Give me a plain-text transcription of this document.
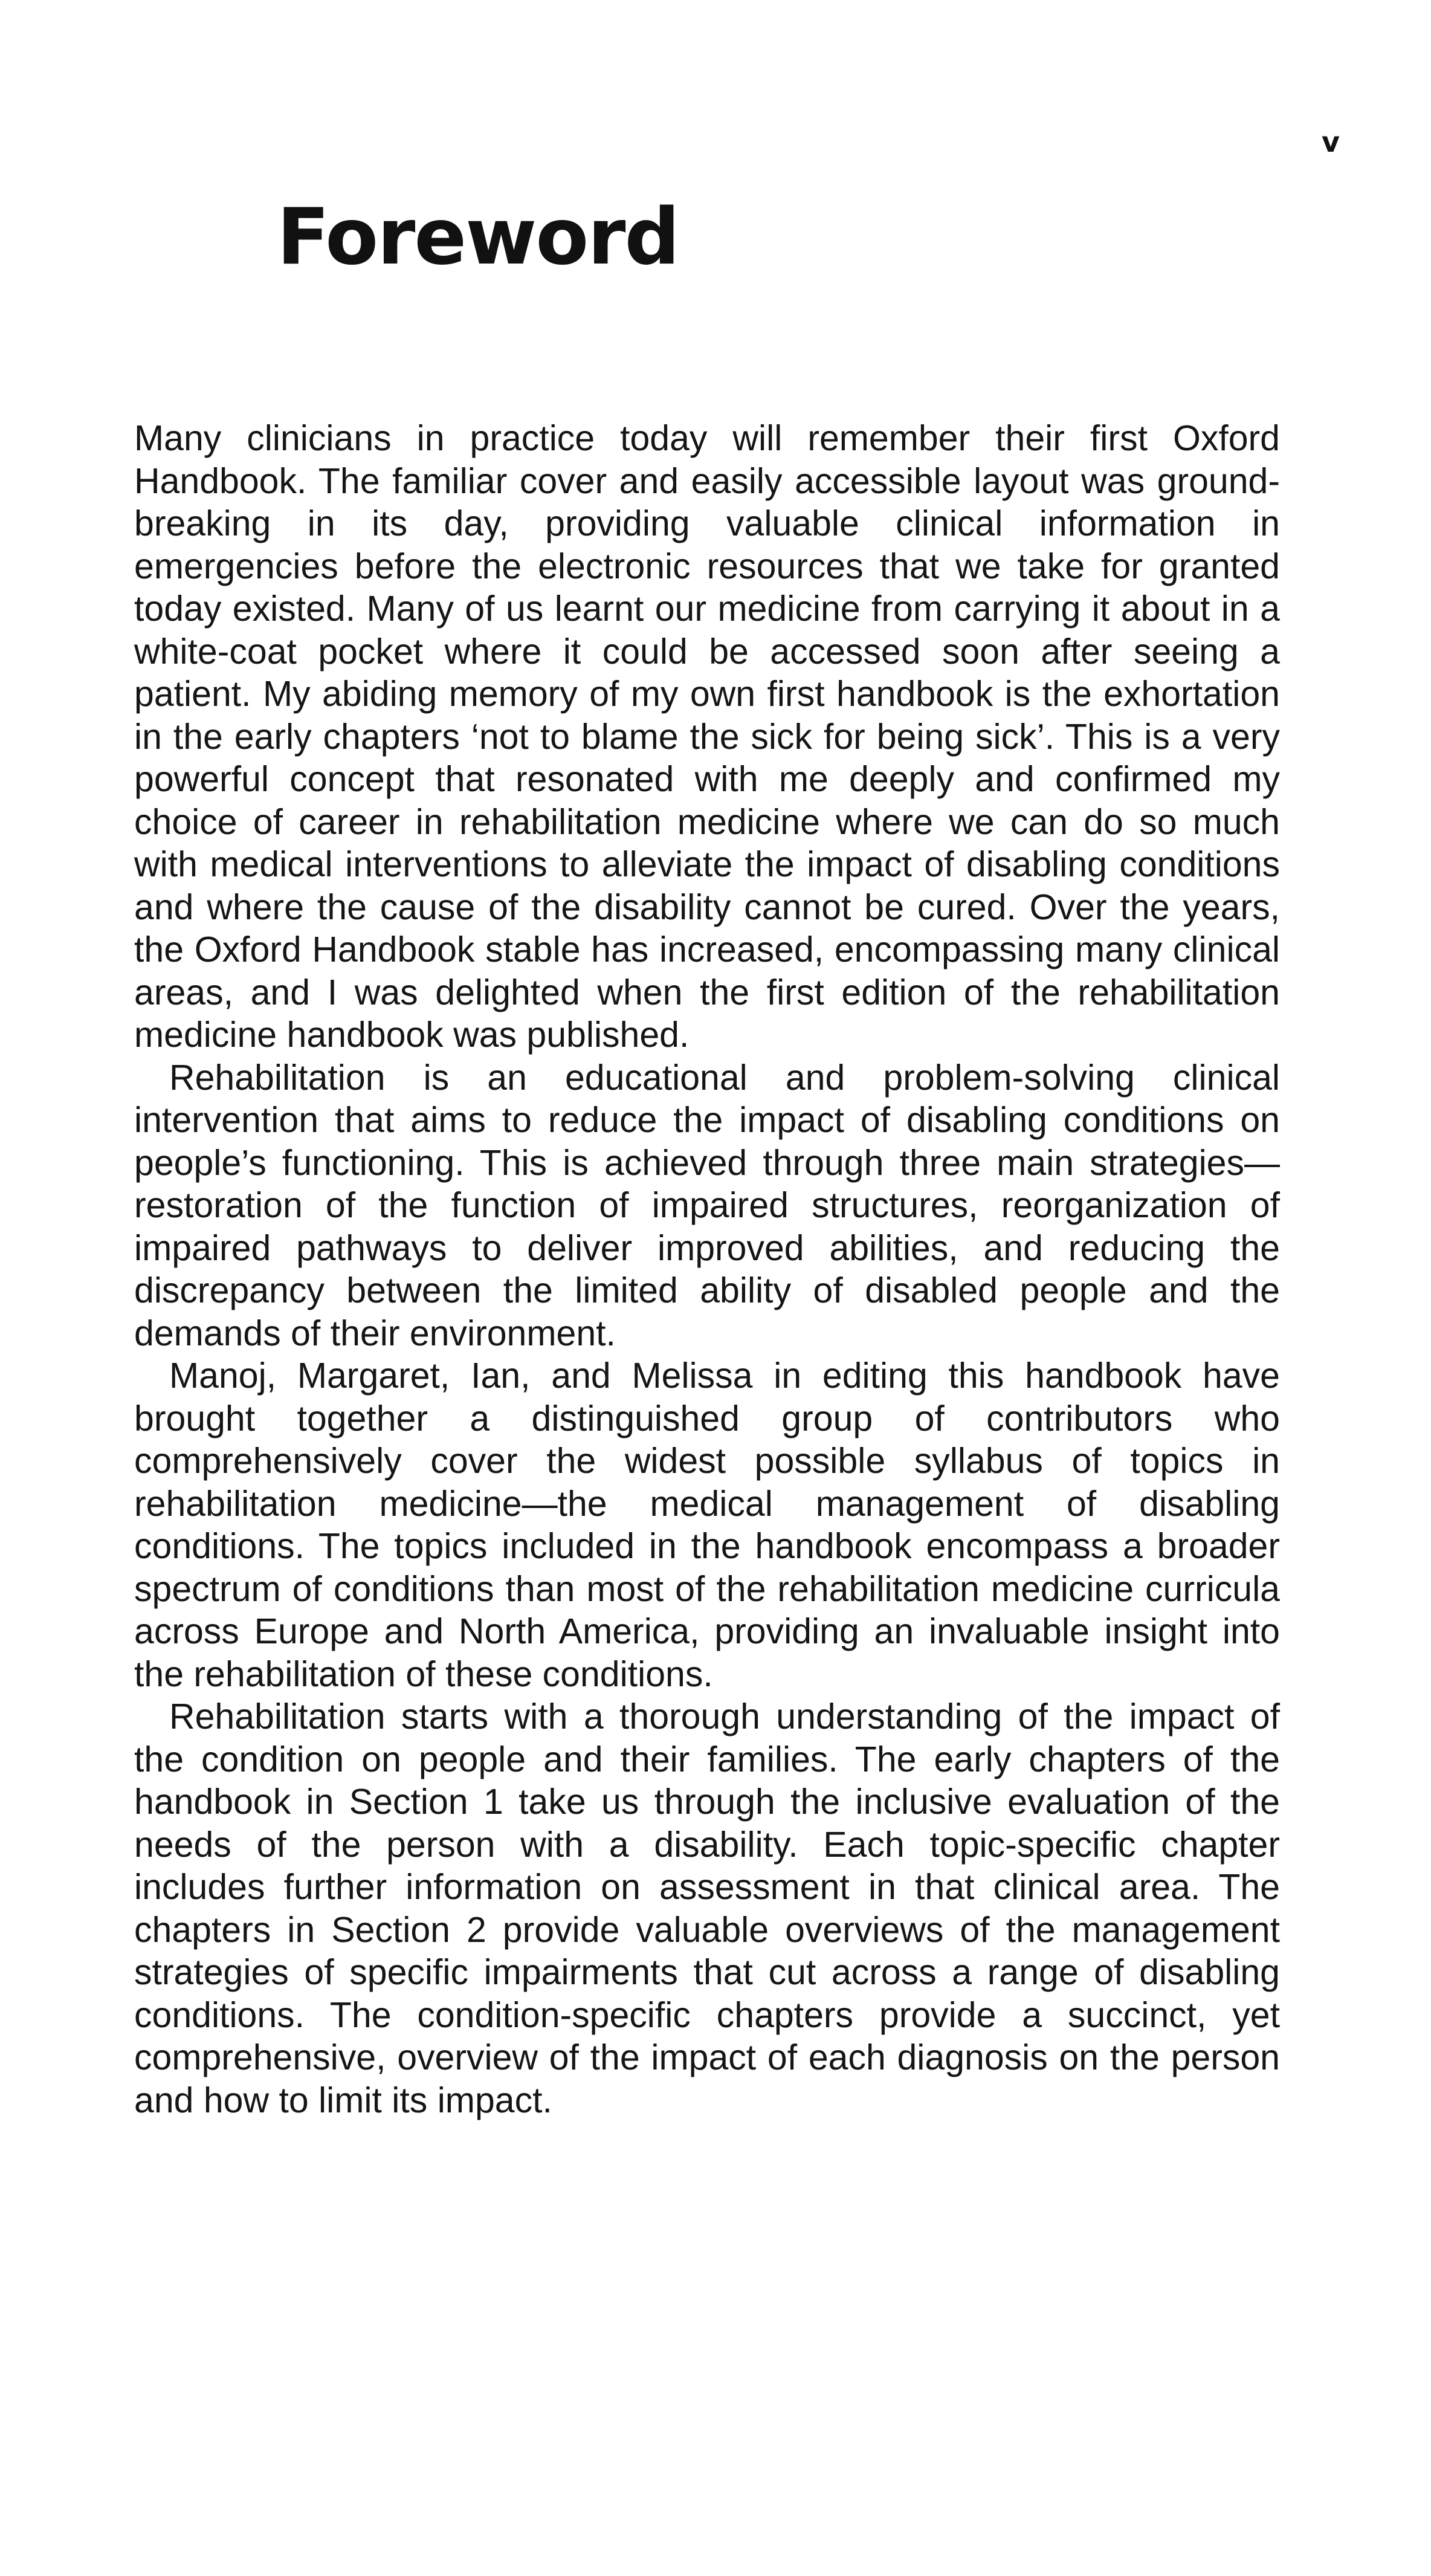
v
Foreword

Many clinicians in practice today will remember their first Oxford Handbook. The familiar cover and easily accessible layout was ground-breaking in its day, providing valuable clinical information in emergencies before the electronic resources that we take for granted today existed. Many of us learnt our medicine from carrying it about in a white-coat pocket where it could be accessed soon after seeing a patient. My abiding memory of my own first handbook is the exhortation in the early chapters ‘not to blame the sick for being sick’. This is a very powerful concept that resonated with me deeply and confirmed my choice of career in rehabilitation medicine where we can do so much with medical interventions to alleviate the impact of disabling conditions and where the cause of the disability cannot be cured. Over the years, the Oxford Handbook stable has increased, encompassing many clinical areas, and I was delighted when the first edition of the rehabilitation medicine handbook was published.

Rehabilitation is an educational and problem-solving clinical intervention that aims to reduce the impact of disabling conditions on people’s functioning. This is achieved through three main strategies—restoration of the function of impaired structures, reorganization of impaired pathways to deliver improved abilities, and reducing the discrepancy between the limited ability of disabled people and the demands of their environment.

Manoj, Margaret, Ian, and Melissa in editing this handbook have brought together a distinguished group of contributors who comprehensively cover the widest possible syllabus of topics in rehabilitation medicine—the medical management of disabling conditions. The topics included in the handbook encompass a broader spectrum of conditions than most of the rehabilitation medicine curricula across Europe and North America, providing an invaluable insight into the rehabilitation of these conditions.

Rehabilitation starts with a thorough understanding of the impact of the condition on people and their families. The early chapters of the handbook in Section 1 take us through the inclusive evaluation of the needs of the person with a disability. Each topic-specific chapter includes further information on assessment in that clinical area. The chapters in Section 2 provide valuable overviews of the management strategies of specific impairments that cut across a range of disabling conditions. The condition-specific chapters provide a succinct, yet comprehensive, overview of the impact of each diagnosis on the person and how to limit its impact.
